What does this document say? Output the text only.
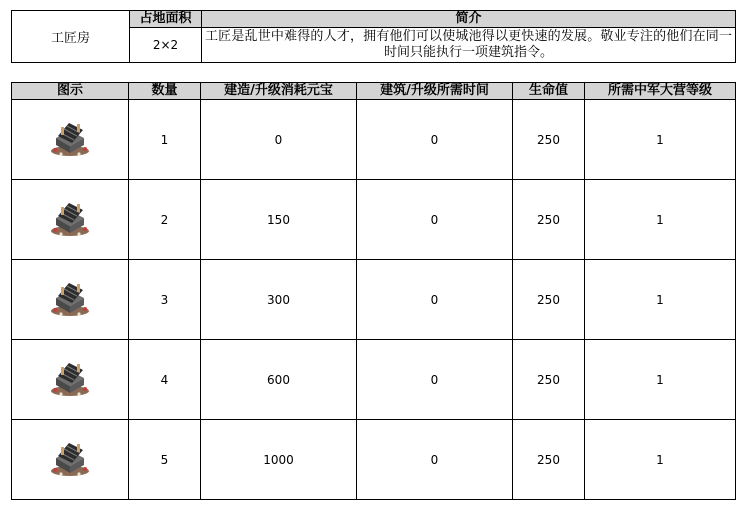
工匠房	占地面积	简介
	2×2	工匠是乱世中难得的人才，拥有他们可以使城池得以更快速的发展。敬业专注的他们在同一时间只能执行一项建筑指令。
图示	数量	建造/升级消耗元宝	建筑/升级所需时间	生命值	所需中军大营等级
	1	0	0	250	1
	2	150	0	250	1
	3	300	0	250	1
	4	600	0	250	1
	5	1000	0	250	1
